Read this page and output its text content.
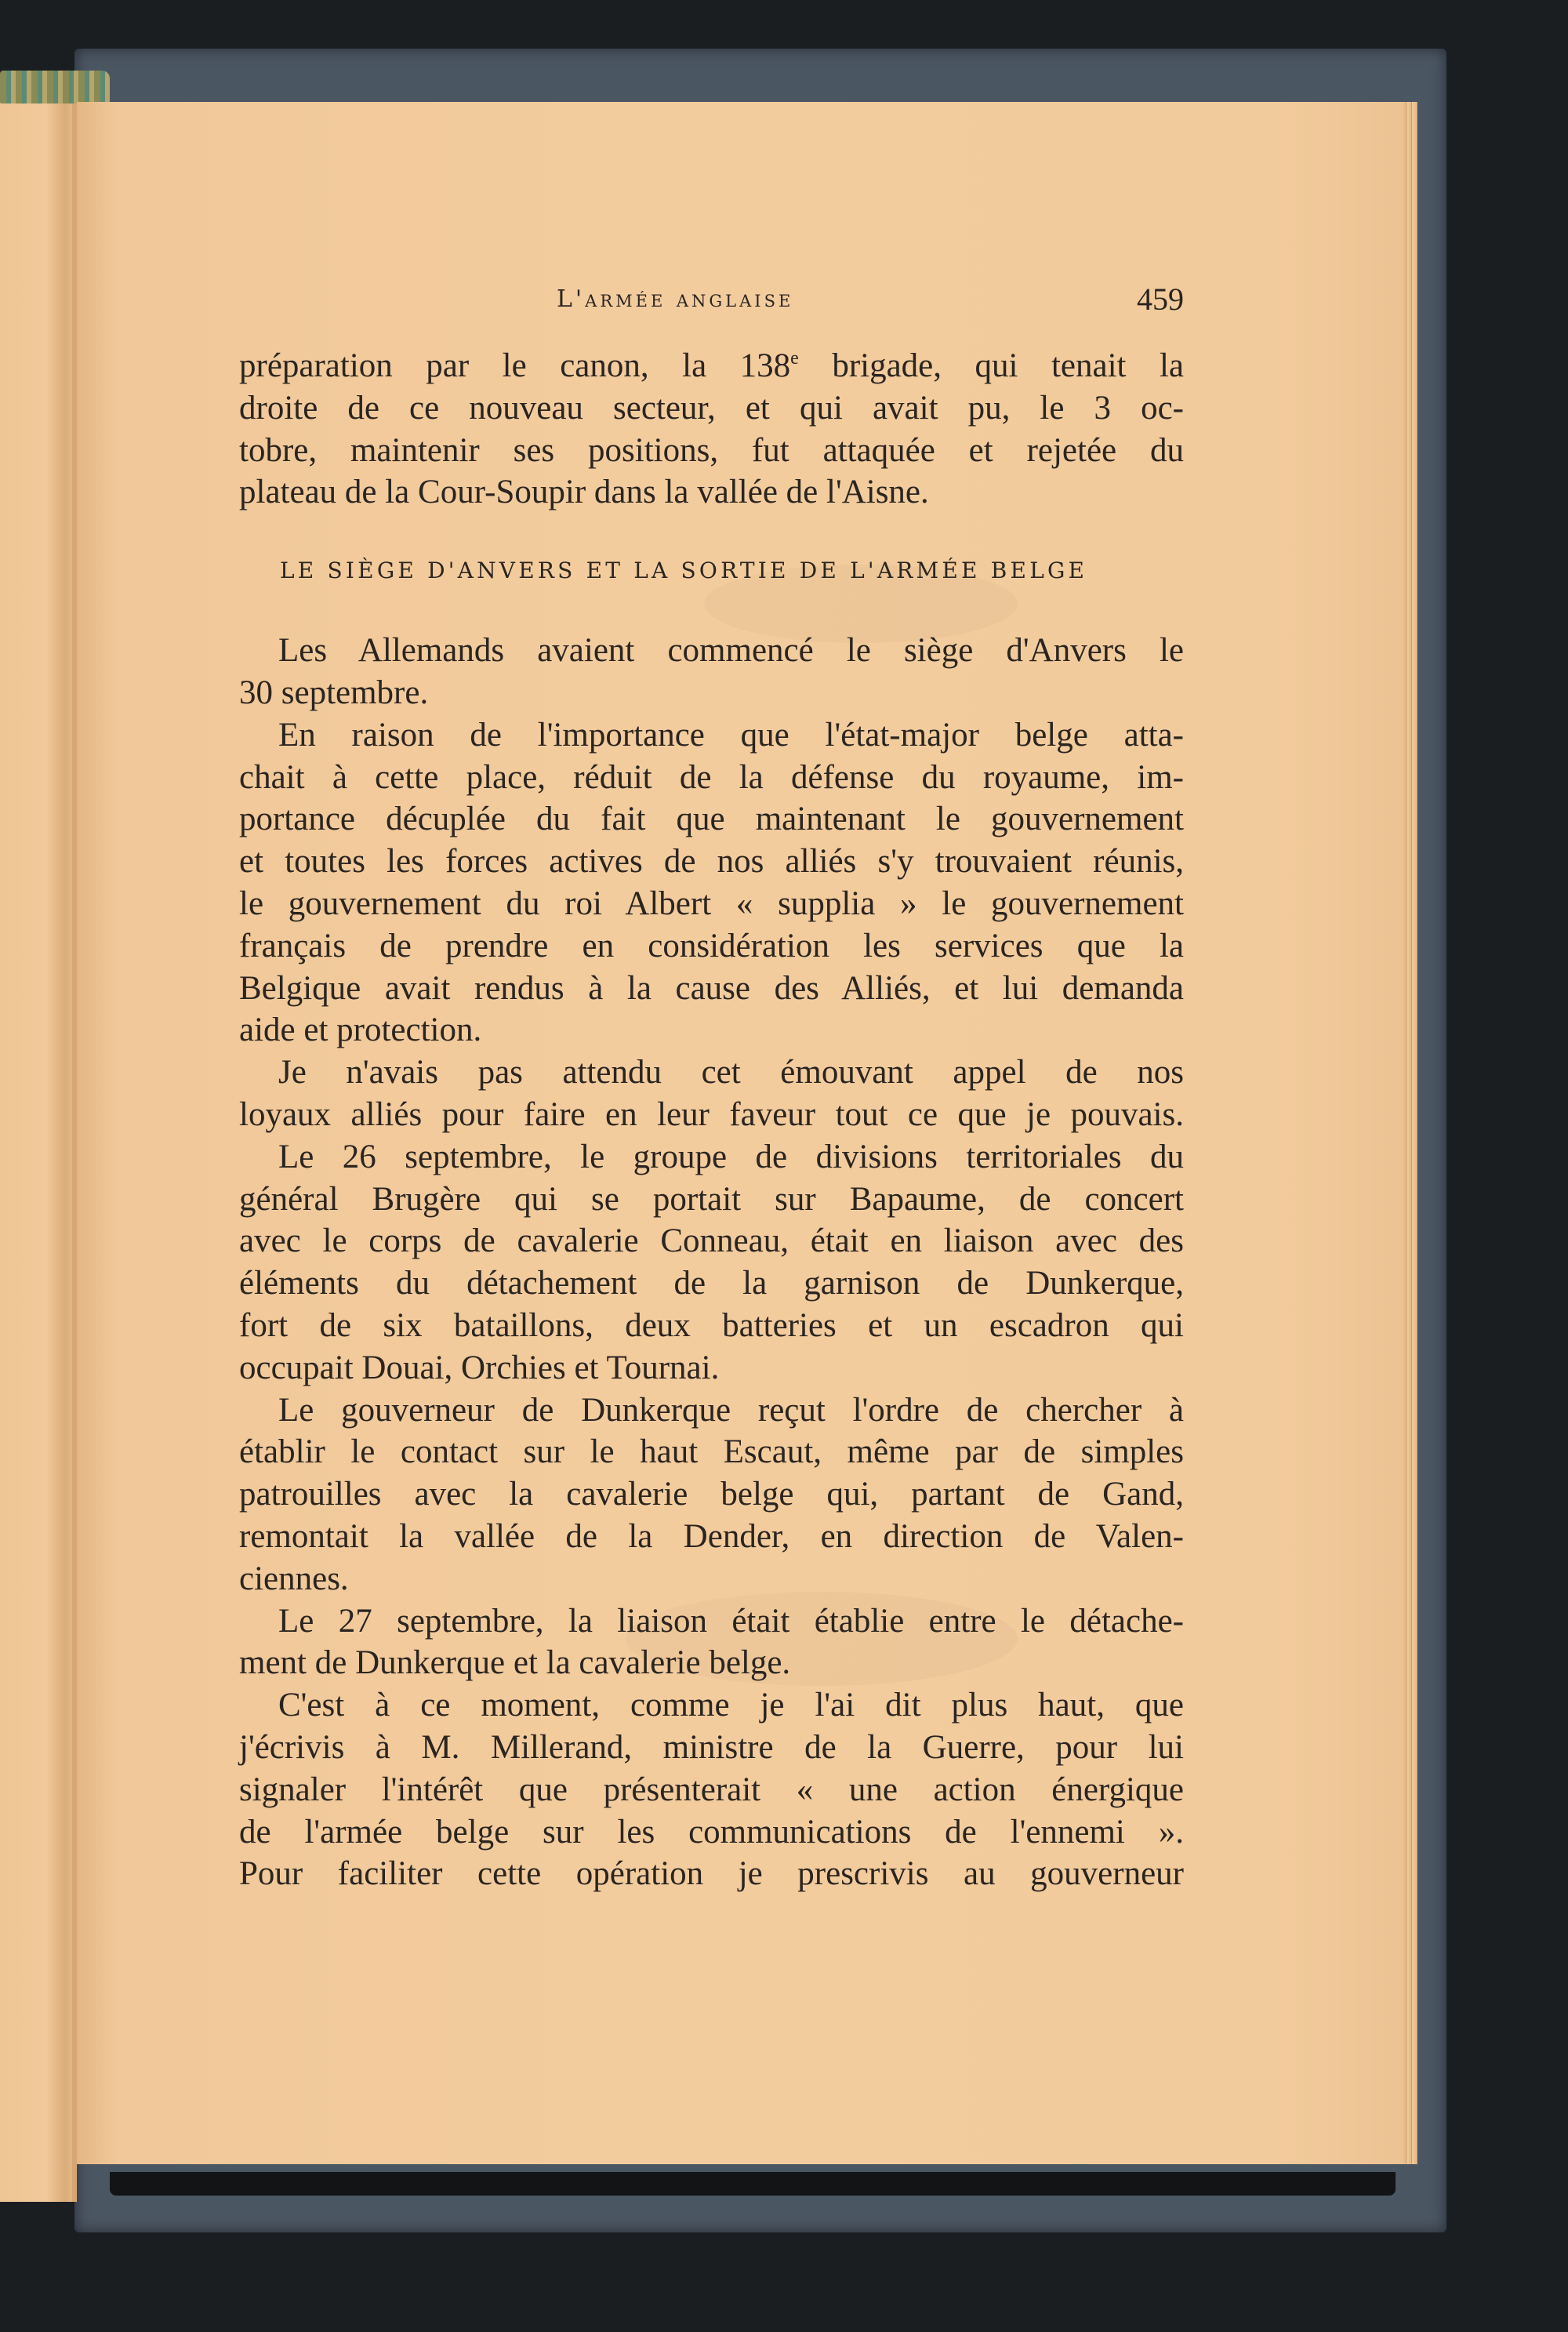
L'armée anglaise	459
préparation par le canon, la 138e brigade, qui tenait la
droite de ce nouveau secteur, et qui avait pu, le 3 oc-
tobre, maintenir ses positions, fut attaquée et rejetée du
plateau de la Cour-Soupir dans la vallée de l'Aisne.
LE SIÈGE D'ANVERS ET LA SORTIE DE L'ARMÉE BELGE
Les Allemands avaient commencé le siège d'Anvers le
30 septembre.
En raison de l'importance que l'état-major belge atta-
chait à cette place, réduit de la défense du royaume, im-
portance décuplée du fait que maintenant le gouvernement
et toutes les forces actives de nos alliés s'y trouvaient réunis,
le gouvernement du roi Albert « supplia » le gouvernement
français de prendre en considération les services que la
Belgique avait rendus à la cause des Alliés, et lui demanda
aide et protection.
Je n'avais pas attendu cet émouvant appel de nos
loyaux alliés pour faire en leur faveur tout ce que je pouvais.
Le 26 septembre, le groupe de divisions territoriales du
général Brugère qui se portait sur Bapaume, de concert
avec le corps de cavalerie Conneau, était en liaison avec des
éléments du détachement de la garnison de Dunkerque,
fort de six bataillons, deux batteries et un escadron qui
occupait Douai, Orchies et Tournai.
Le gouverneur de Dunkerque reçut l'ordre de chercher à
établir le contact sur le haut Escaut, même par de simples
patrouilles avec la cavalerie belge qui, partant de Gand,
remontait la vallée de la Dender, en direction de Valen-
ciennes.
Le 27 septembre, la liaison était établie entre le détache-
ment de Dunkerque et la cavalerie belge.
C'est à ce moment, comme je l'ai dit plus haut, que
j'écrivis à M. Millerand, ministre de la Guerre, pour lui
signaler l'intérêt que présenterait « une action énergique
de l'armée belge sur les communications de l'ennemi ».
Pour faciliter cette opération je prescrivis au gouverneur
